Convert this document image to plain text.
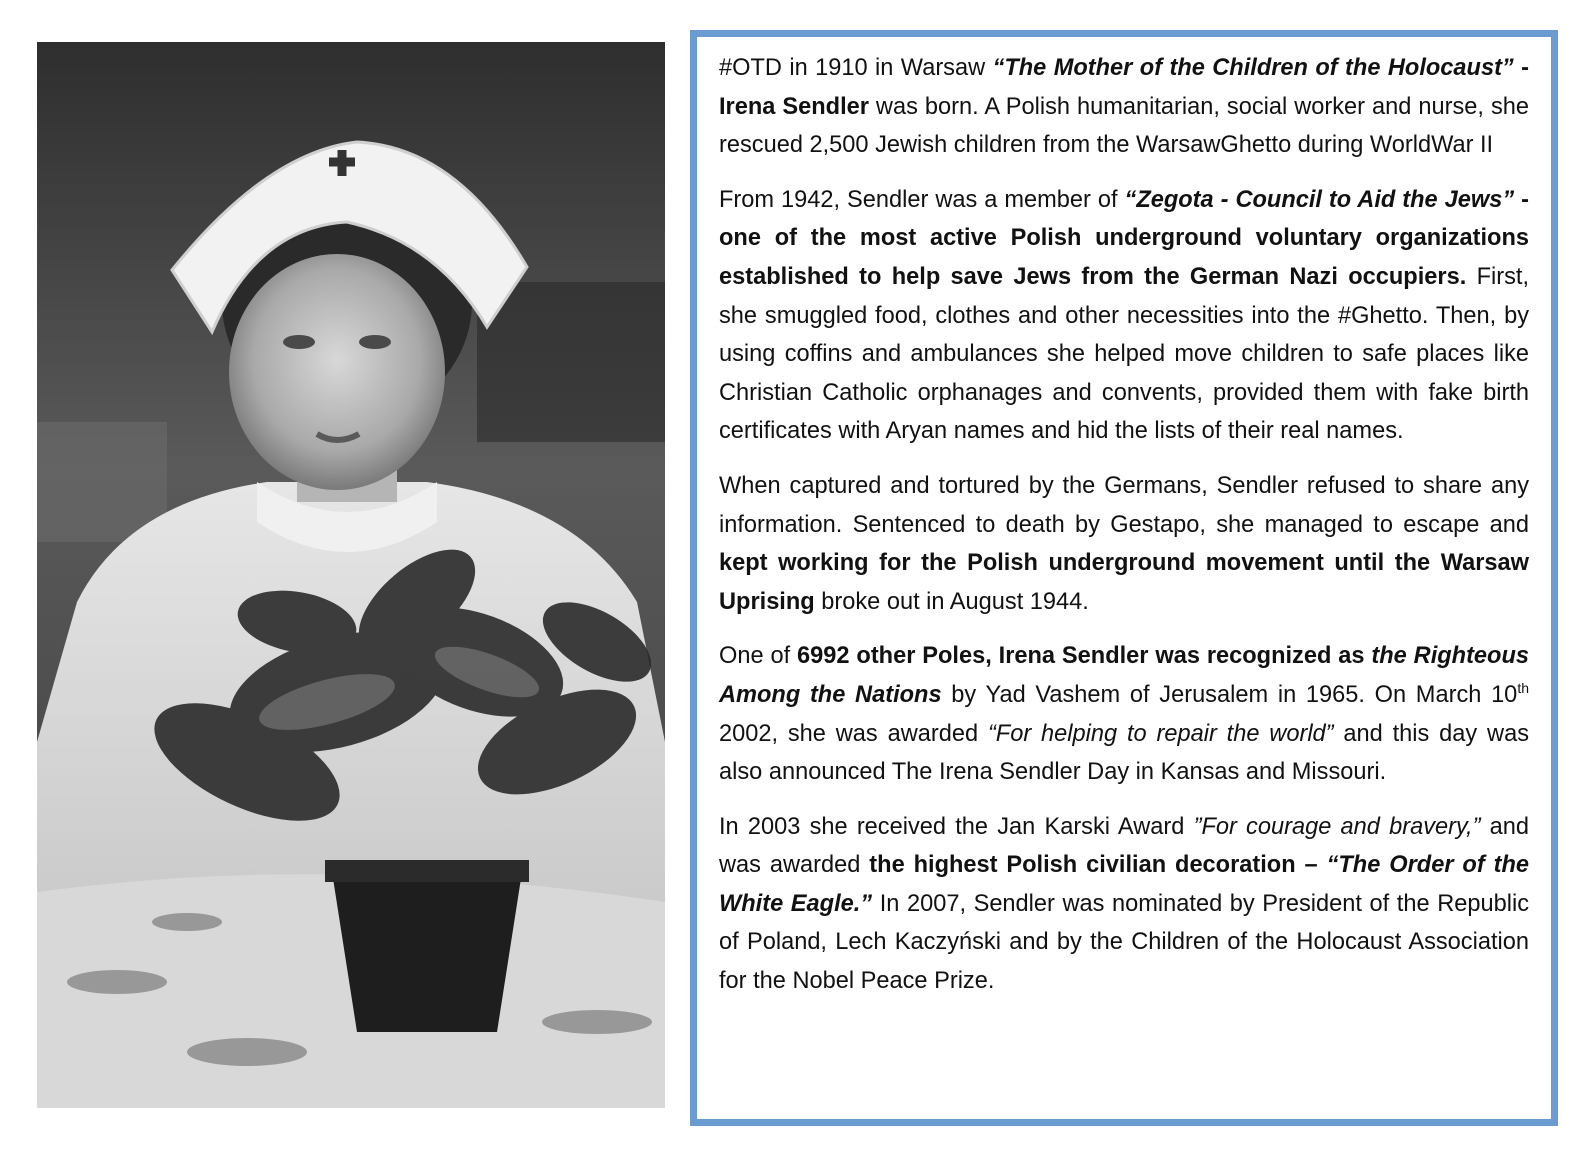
#OTD in 1910 in Warsaw “The Mother of the Children of the Holocaust” - Irena Sendler was born. A Polish humanitarian, social worker and nurse, she rescued 2,500 Jewish children from the WarsawGhetto during WorldWar II

From 1942, Sendler was a member of “Zegota - Council to Aid the Jews” - one of the most active Polish underground voluntary organizations established to help save Jews from the German Nazi occupiers. First, she smuggled food, clothes and other necessities into the #Ghetto. Then, by using coffins and ambulances she helped move children to safe places like Christian Catholic orphanages and convents, provided them with fake birth certificates with Aryan names and hid the lists of their real names.

When captured and tortured by the Germans, Sendler refused to share any information. Sentenced to death by Gestapo, she managed to escape and kept working for the Polish underground movement until the Warsaw Uprising broke out in August 1944.

One of 6992 other Poles, Irena Sendler was recognized as the Righteous Among the Nations by Yad Vashem of Jerusalem in 1965. On March 10th 2002, she was awarded “For helping to repair the world” and this day was also announced The Irena Sendler Day in Kansas and Missouri.

In 2003 she received the Jan Karski Award ”For courage and bravery,” and was awarded the highest Polish civilian decoration – “The Order of the White Eagle.” In 2007, Sendler was nominated by President of the Republic of Poland, Lech Kaczyński and by the Children of the Holocaust Association for the Nobel Peace Prize.
